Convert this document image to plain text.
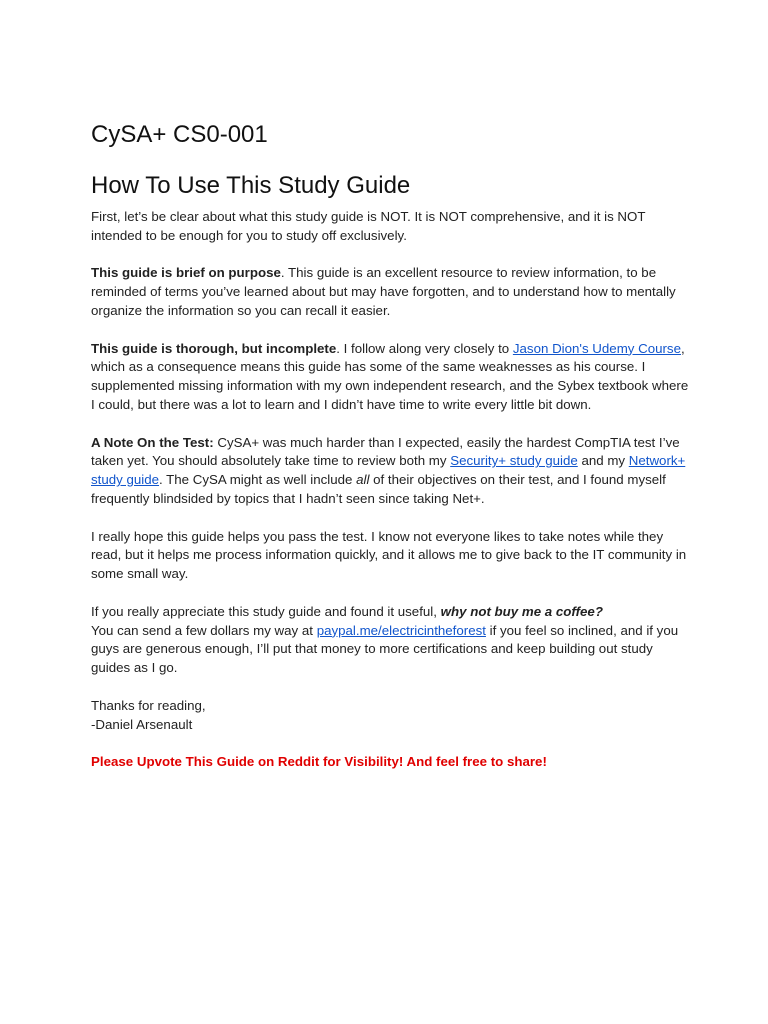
CySA+ CS0-001
How To Use This Study Guide

First, let’s be clear about what this study guide is NOT. It is NOT comprehensive, and it is NOT intended to be enough for you to study off exclusively.

This guide is brief on purpose. This guide is an excellent resource to review information, to be reminded of terms you’ve learned about but may have forgotten, and to understand how to mentally organize the information so you can recall it easier.

This guide is thorough, but incomplete. I follow along very closely to Jason Dion's Udemy Course, which as a consequence means this guide has some of the same weaknesses as his course. I supplemented missing information with my own independent research, and the Sybex textbook where I could, but there was a lot to learn and I didn’t have time to write every little bit down.

A Note On the Test: CySA+ was much harder than I expected, easily the hardest CompTIA test I’ve taken yet. You should absolutely take time to review both my Security+ study guide and my Network+ study guide. The CySA might as well include all of their objectives on their test, and I found myself frequently blindsided by topics that I hadn’t seen since taking Net+.

I really hope this guide helps you pass the test. I know not everyone likes to take notes while they read, but it helps me process information quickly, and it allows me to give back to the IT community in some small way.

If you really appreciate this study guide and found it useful, why not buy me a coffee?
You can send a few dollars my way at paypal.me/electricintheforest if you feel so inclined, and if you guys are generous enough, I’ll put that money to more certifications and keep building out study guides as I go.

Thanks for reading,

-Daniel Arsenault

Please Upvote This Guide on Reddit for Visibility! And feel free to share!
